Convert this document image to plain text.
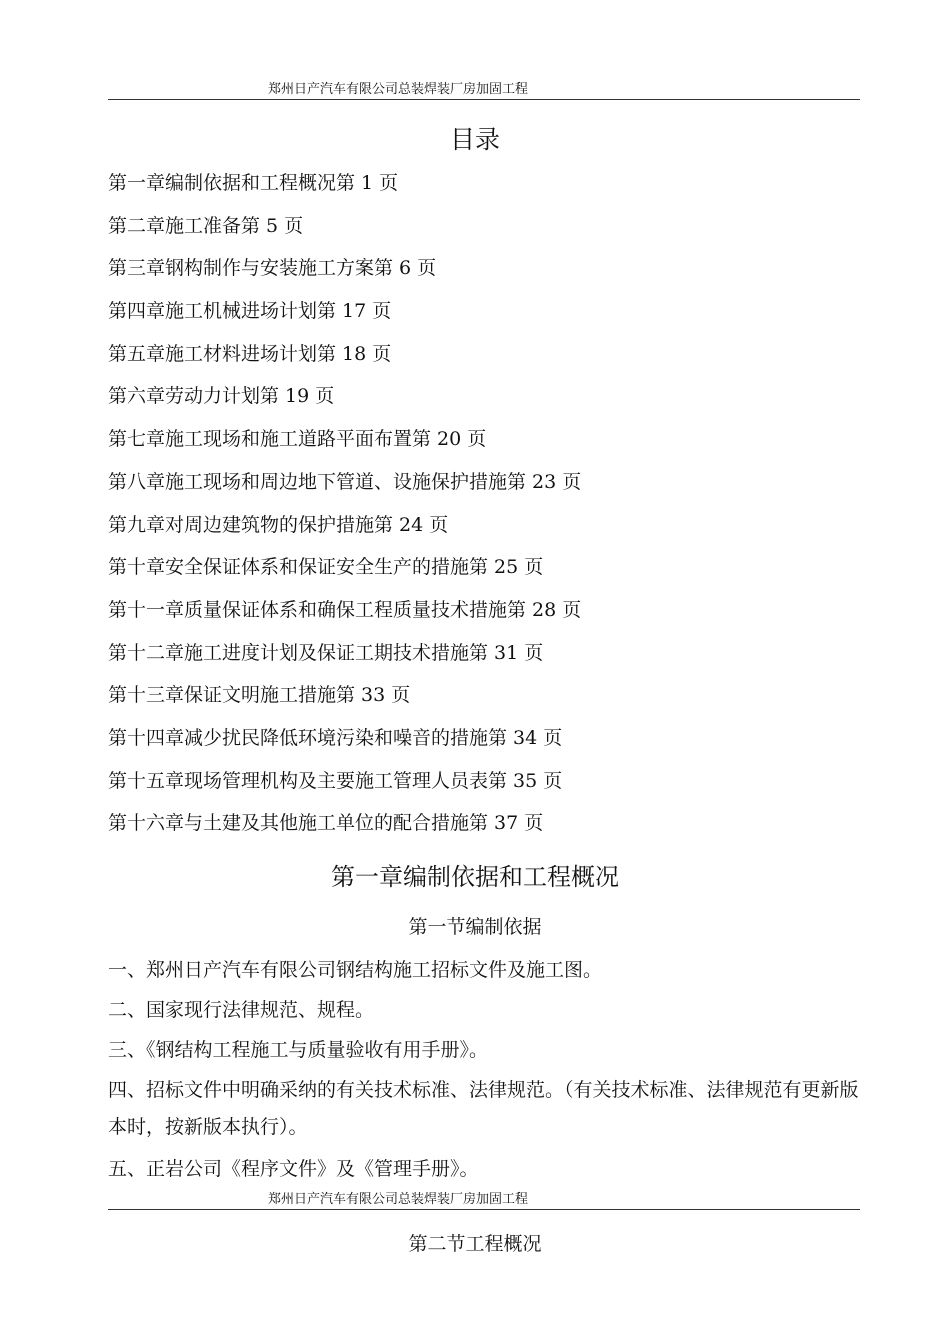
郑州日产汽车有限公司总装焊装厂房加固工程
目录
第一章编制依据和工程概况第 1 页
第二章施工准备第 5 页
第三章钢构制作与安装施工方案第 6 页
第四章施工机械进场计划第 17 页
第五章施工材料进场计划第 18 页
第六章劳动力计划第 19 页
第七章施工现场和施工道路平面布置第 20 页
第八章施工现场和周边地下管道、设施保护措施第 23 页
第九章对周边建筑物的保护措施第 24 页
第十章安全保证体系和保证安全生产的措施第 25 页
第十一章质量保证体系和确保工程质量技术措施第 28 页
第十二章施工进度计划及保证工期技术措施第 31 页
第十三章保证文明施工措施第 33 页
第十四章减少扰民降低环境污染和噪音的措施第 34 页
第十五章现场管理机构及主要施工管理人员表第 35 页
第十六章与土建及其他施工单位的配合措施第 37 页
第一章编制依据和工程概况
第一节编制依据

一、郑州日产汽车有限公司钢结构施工招标文件及施工图。

二、国家现行法律规范、规程。

三、《钢结构工程施工与质量验收有用手册》。

四、招标文件中明确采纳的有关技术标准、法律规范。（有关技术标准、法律规范有更新版本时，按新版本执行）。

五、正岩公司《程序文件》及《管理手册》。

郑州日产汽车有限公司总装焊装厂房加固工程
第二节工程概况
